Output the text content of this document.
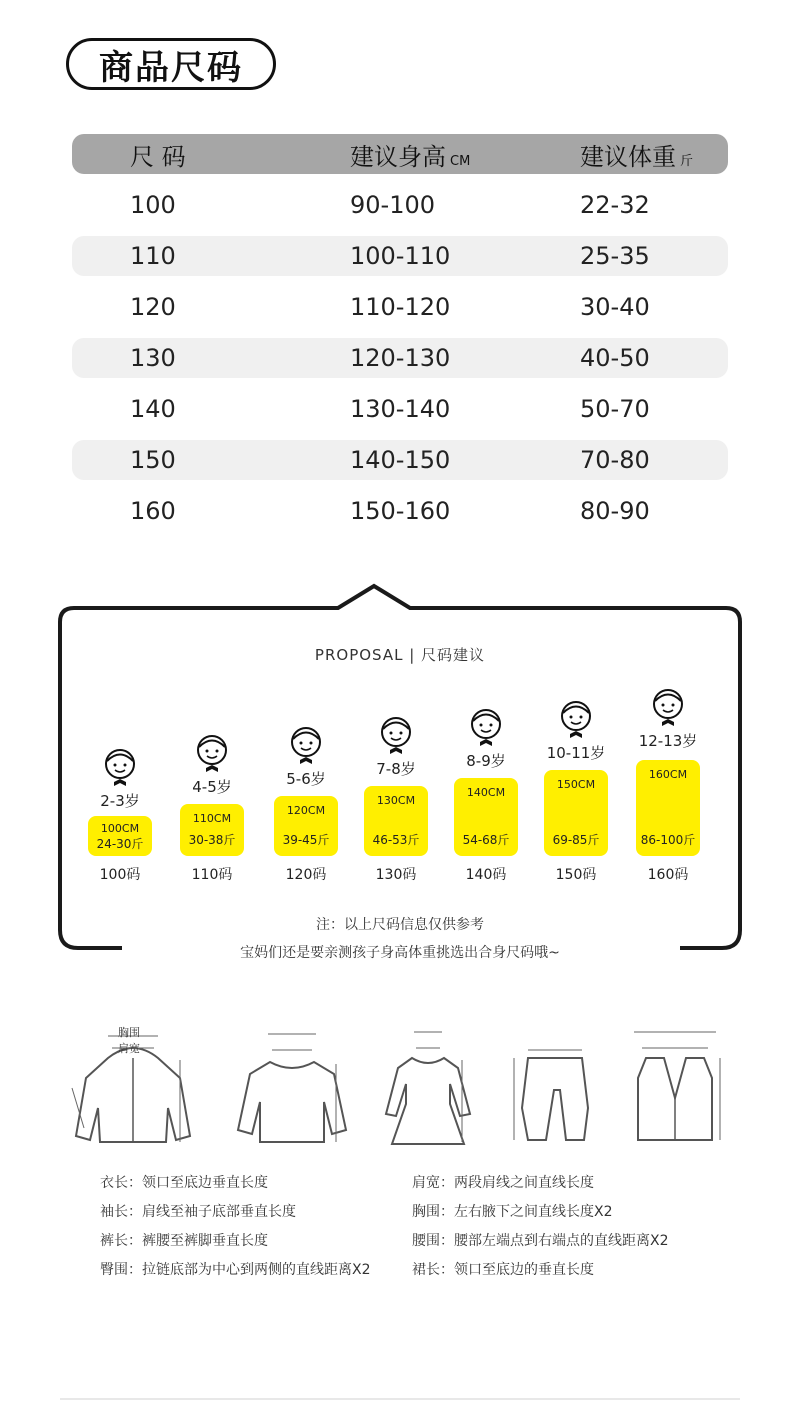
商品尺码
尺 码	建议身高 CM	建议体重 斤
100	90-100	22-32
110	100-110	25-35
120	110-120	30-40
130	120-130	40-50
140	130-140	50-70
150	140-150	70-80
160	150-160	80-90
PROPOSAL | 尺码建议
2-3岁
100CM
24-30斤
100码
4-5岁
110CM
30-38斤
110码
5-6岁
120CM
39-45斤
120码
7-8岁
130CM
46-53斤
130码
8-9岁
140CM
54-68斤
140码
10-11岁
150CM
69-85斤
150码
12-13岁
160CM
86-100斤
160码
注：以上尺码信息仅供参考
宝妈们还是要亲测孩子身高体重挑选出合身尺码哦~
胸围
肩宽
衣长：领口至底边垂直长度	肩宽：两段肩线之间直线长度
袖长：肩线至袖子底部垂直长度	胸围：左右腋下之间直线长度X2
裤长：裤腰至裤脚垂直长度	腰围：腰部左端点到右端点的直线距离X2
臀围：拉链底部为中心到两侧的直线距离X2	裙长：领口至底边的垂直长度
